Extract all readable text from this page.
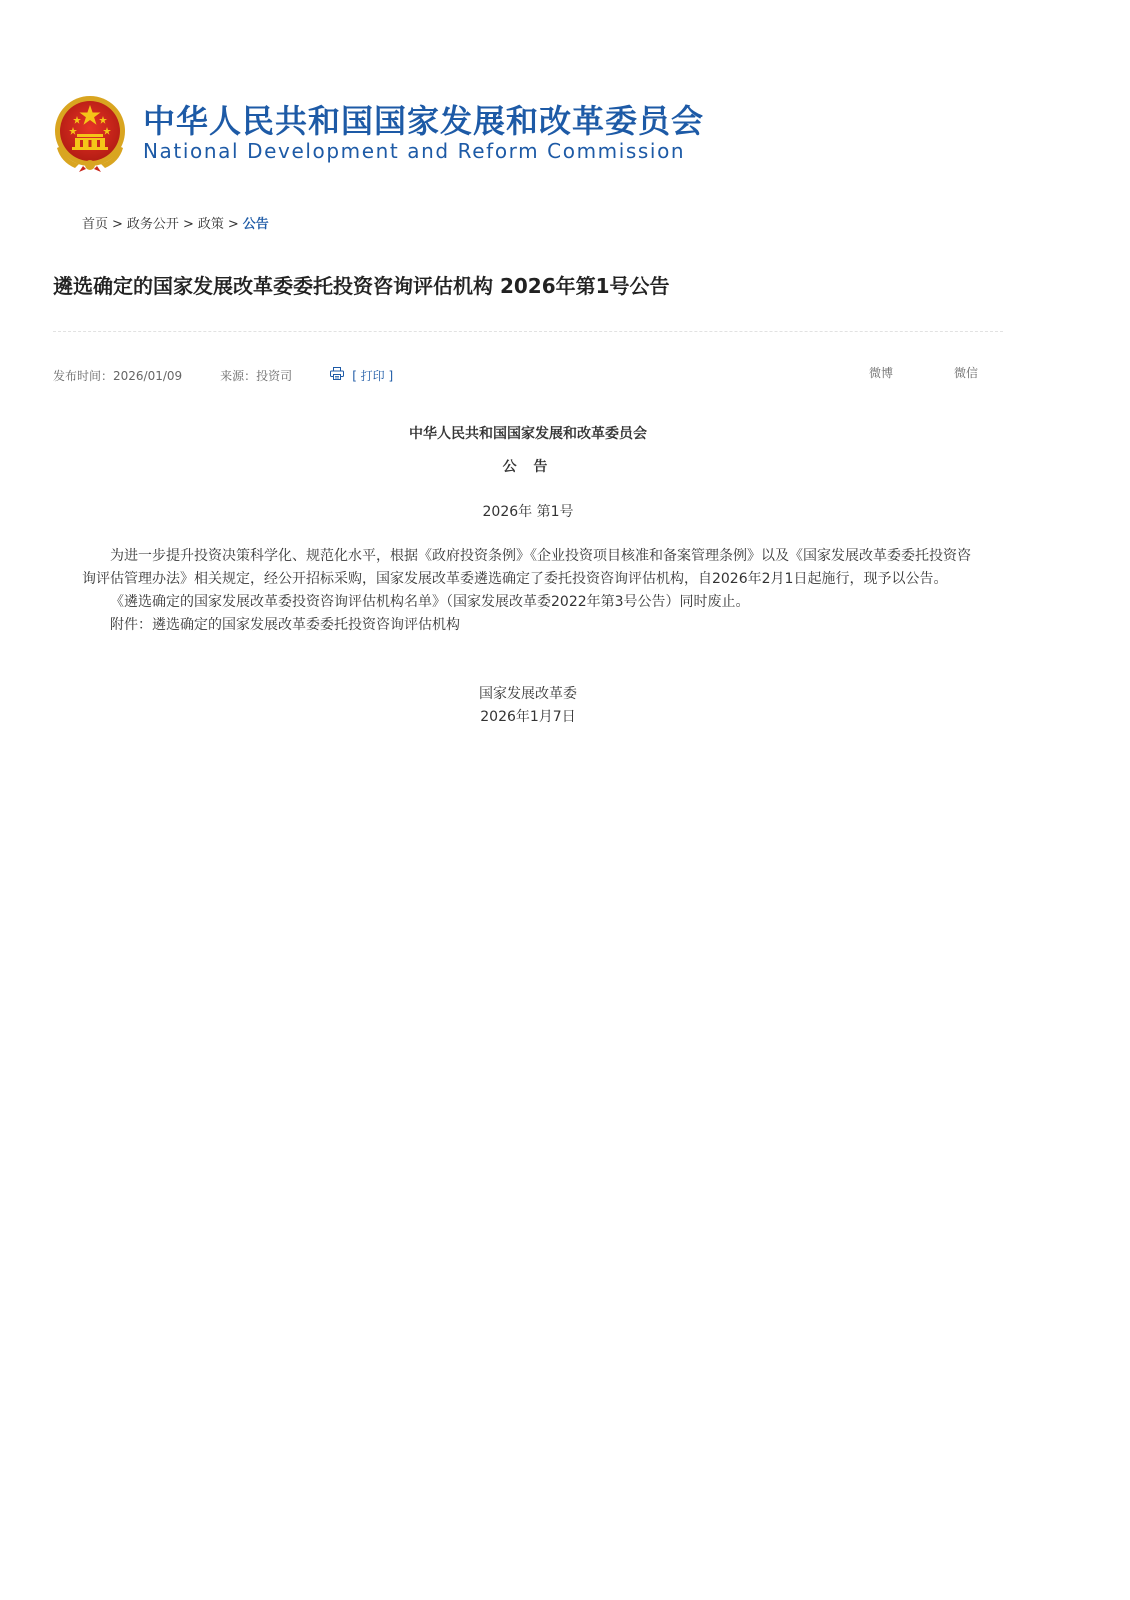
中华人民共和国国家发展和改革委员会
National Development and Reform Commission
首页 > 政务公开 > 政策 > 公告
遴选确定的国家发展改革委委托投资咨询评估机构 2026年第1号公告
发布时间：2026/01/09	来源：投资司	[ 打印 ]	微博	微信
中华人民共和国国家发展和改革委员会
公 告
2026年 第1号

为进一步提升投资决策科学化、规范化水平，根据《政府投资条例》《企业投资项目核准和备案管理条例》以及《国家发展改革委委托投资咨询评估管理办法》相关规定，经公开招标采购，国家发展改革委遴选确定了委托投资咨询评估机构，自2026年2月1日起施行，现予以公告。

《遴选确定的国家发展改革委投资咨询评估机构名单》（国家发展改革委2022年第3号公告）同时废止。

附件：遴选确定的国家发展改革委委托投资咨询评估机构

国家发展改革委
2026年1月7日
